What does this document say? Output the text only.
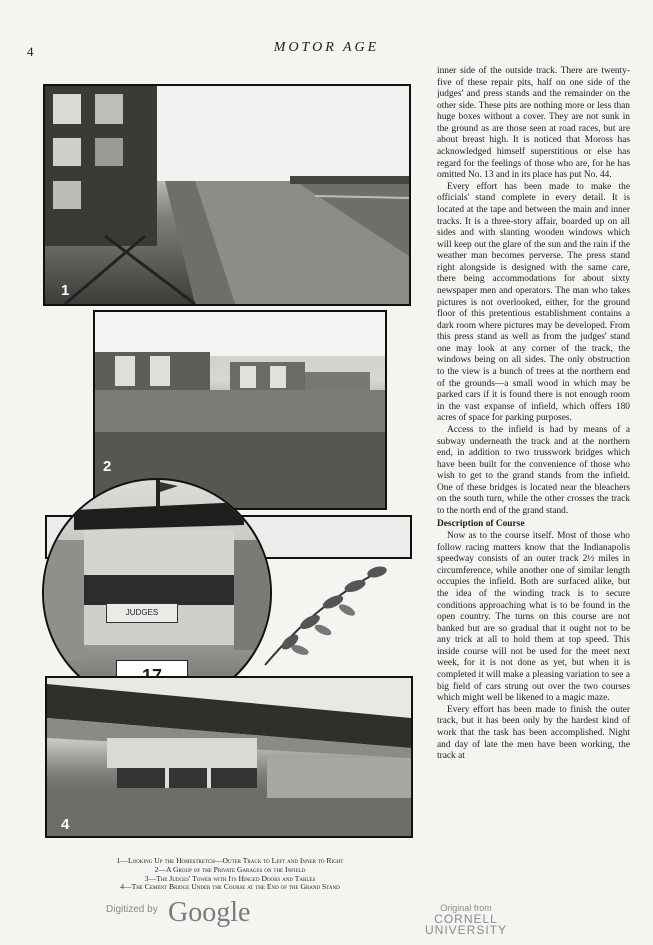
4	MOTOR AGE
1
2
JUDGES
4

inner side of the outside track. There are twenty-five of these repair pits, half on one side of the judges' and press stands and the remainder on the other side. These pits are nothing more or less than huge boxes without a cover. They are not sunk in the ground as are those seen at road races, but are about breast high. It is noticed that Moross has acknowledged himself superstitious or else has regard for the feelings of those who are, for he has omitted No. 13 and in its place has put No. 44.

Every effort has been made to make the officials' stand complete in every detail. It is located at the tape and between the main and inner tracks. It is a three-story affair, boarded up on all sides and with slanting wooden windows which will keep out the glare of the sun and the rain if the weather man becomes perverse. The press stand right alongside is designed with the same care, there being accommodations for about sixty newspaper men and operators. The man who takes pictures is not overlooked, either, for the ground floor of this pretentious establishment contains a dark room where pictures may be developed. From this press stand as well as from the judges' stand one may look at any corner of the track, the windows being on all sides. The only obstruction to the view is a bunch of trees at the northern end of the grounds—a small wood in which may be parked cars if it is found there is not enough room in the vast expanse of infield, which offers 180 acres of space for parking purposes.

Access to the infield is had by means of a subway underneath the track and at the northern end, in addition to two trusswork bridges which have been built for the convenience of those who wish to get to the grand stands from the infield. One of these bridges is located near the bleachers on the south turn, while the other crosses the track to the north end of the grand stand.

Description of Course

Now as to the course itself. Most of those who follow racing matters know that the Indianapolis speedway consists of an outer track 2½ miles in circumference, while another one of similar length occupies the infield. Both are surfaced alike, but the idea of the winding track is to secure conditions approaching what is to be found in the open country. The turns on this course are not banked but are so gradual that it ought not to be any trick at all to hold them at top speed. This inside course will not be used for the meet next week, for it is not done as yet, but when it is completed it will make a pleasing variation to see a big field of cars strung out over the two courses which might well be likened to a magic maze.

Every effort has been made to finish the outer track, but it has been only by the hardest kind of work that the task has been accomplished. Night and day of late the men have been working, the track at

1—Looking Up the Homestretch—Outer Track to Left and Inner to Right
2—A Group of the Private Garages on the Infield
3—The Judges' Tower with Its Hinged Doors and Tables
4—The Cement Bridge Under the Course at the End of the Grand Stand
Digitized by Google	Original from
CORNELL UNIVERSITY
